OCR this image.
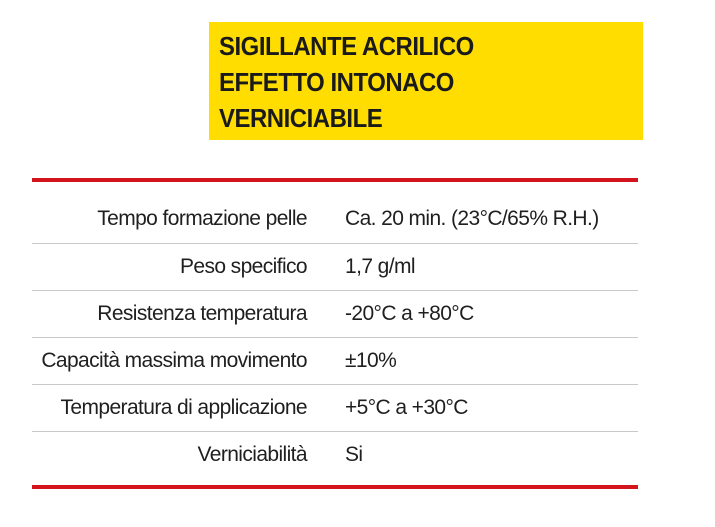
SIGILLANTE ACRILICO
EFFETTO INTONACO
VERNICIABILE
Tempo formazione pelle	Ca. 20 min. (23°C/65% R.H.)
Peso specifico	1,7 g/ml
Resistenza temperatura	-20°C a +80°C
Capacità massima movimento	±10%
Temperatura di applicazione	+5°C a +30°C
Verniciabilità	Si
